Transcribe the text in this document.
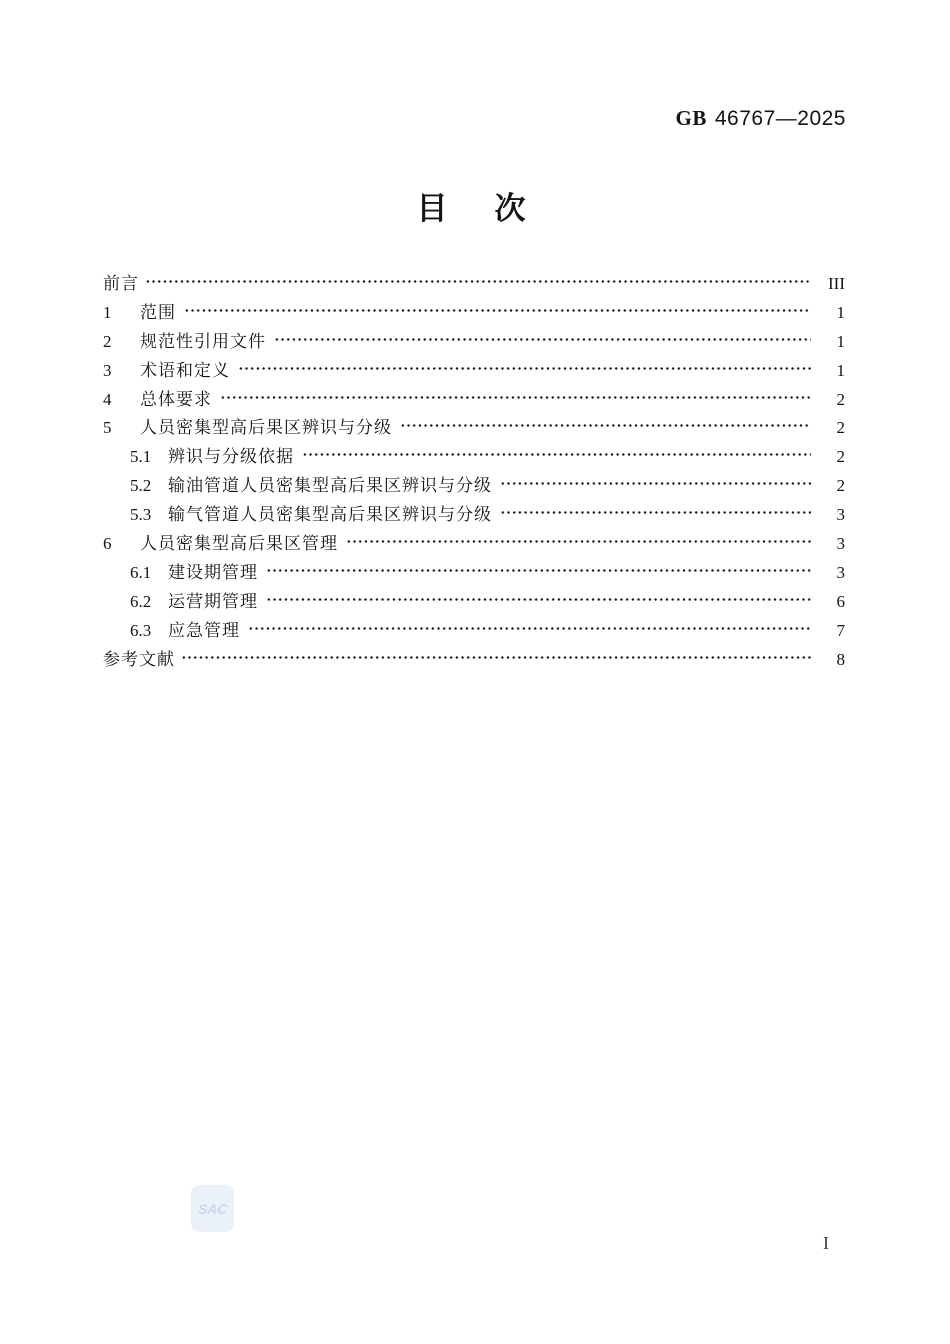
GB 46767—2025
目　次
前言	III
1	范围	1
2	规范性引用文件	1
3	术语和定义	1
4	总体要求	2
5	人员密集型高后果区辨识与分级	2
5.1 辨识与分级依据	2
5.2 输油管道人员密集型高后果区辨识与分级	2
5.3 输气管道人员密集型高后果区辨识与分级	3
6	人员密集型高后果区管理	3
6.1 建设期管理	3
6.2 运营期管理	6
6.3 应急管理	7
参考文献	8
SAC
I
